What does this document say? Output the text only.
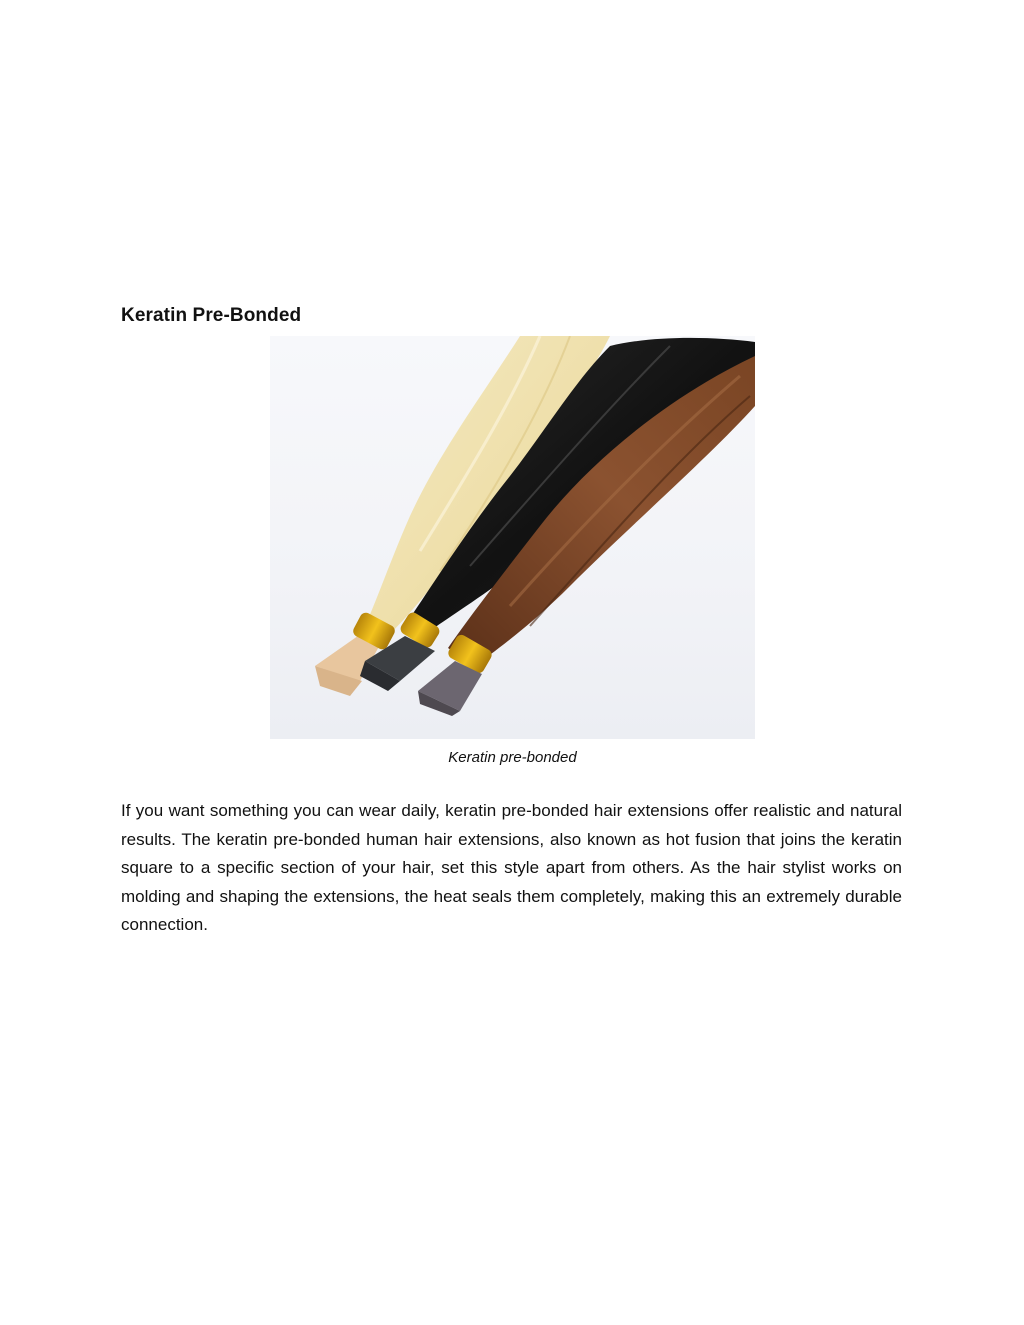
Keratin Pre-Bonded

Keratin pre-bonded

If you want something you can wear daily, keratin pre-bonded hair extensions offer realistic and natural results. The keratin pre-bonded human hair extensions, also known as hot fusion that joins the keratin square to a specific section of your hair, set this style apart from others. As the hair stylist works on molding and shaping the extensions, the heat seals them completely, making this an extremely durable connection.
